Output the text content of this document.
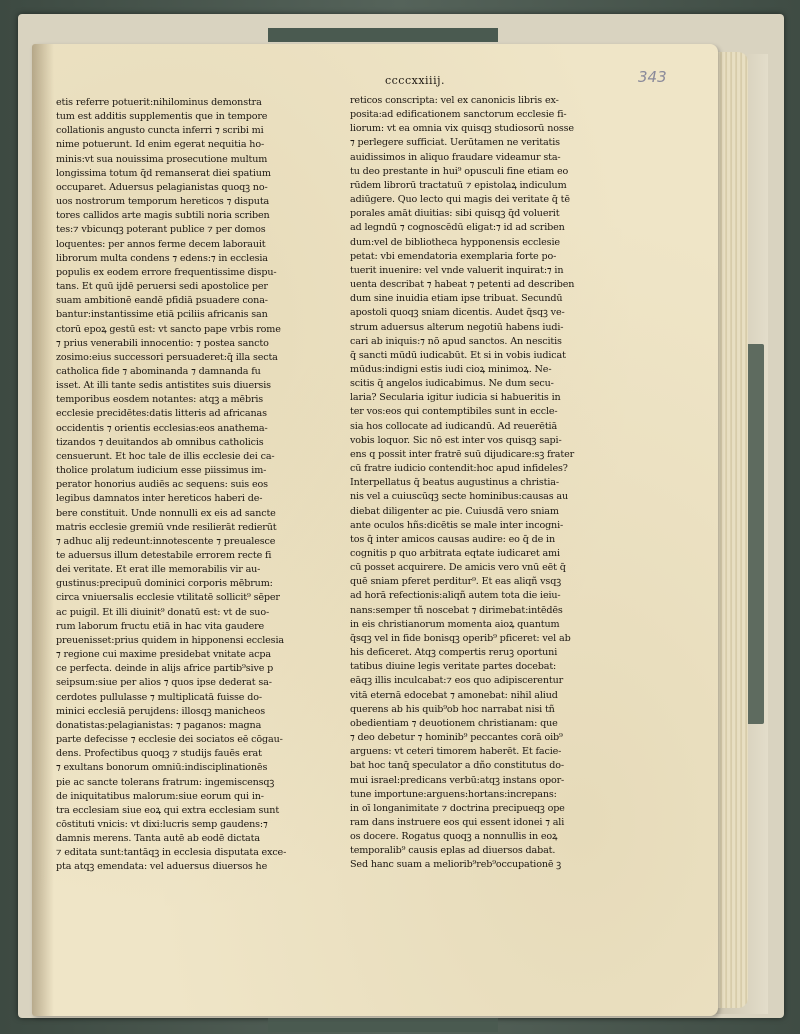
ccccxxiiij.	343

etis referre potuerit:nihilominus demonstra

tum est additis supplementis que in tempore

collationis angusto cuncta inferri ⁊ scribi mi

nime potuerunt. Id enim egerat nequitia ho-

minis:vt sua nouissima prosecutione multum

longissima totum q̄d remanserat diei spatium

occuparet. Aduersus pelagianistas quoqꝫ no-

uos nostrorum temporum hereticos ⁊ disputa

tores callidos arte magis subtili noria scriben

tes:⁊ vbicunqꝫ poterant publice ⁊ per domos

loquentes: per annos ferme decem laborauit

librorum multa condens ⁊ edens:⁊ in ecclesia

populis ex eodem errore frequentissime dispu-

tans. Et quū ijdē peruersi sedi apostolice per

suam ambitionē eandē pfidiā psuadere cona-

bantur:instantissime etiā pciliis africanis san

ctorū epoꝝ gestū est: vt sancto pape vrbis rome

⁊ prius venerabili innocentio: ⁊ postea sancto

zosimo:eius successori persuaderet:q̄ illa secta

catholica fide ⁊ abominanda ⁊ damnanda fu

isset. At illi tante sedis antistites suis diuersis

temporibus eosdem notantes: atqꝫ a mēbris

ecclesie precidētes:datis litteris ad africanas

occidentis ⁊ orientis ecclesias:eos anathema-

tizandos ⁊ deuitandos ab omnibus catholicis

censuerunt. Et hoc tale de illis ecclesie dei ca-

tholice prolatum iudicium esse piissimus im-

perator honorius audiēs ac sequens: suis eos

legibus damnatos inter hereticos haberi de-

bere constituit. Unde nonnulli ex eis ad sancte

matris ecclesie gremiū vnde resilierāt redierūt

⁊ adhuc alij redeunt:innotescente ⁊ preualesce

te aduersus illum detestabile errorem recte fi

dei veritate. Et erat ille memorabilis vir au-

gustinus:precipuū dominici corporis mēbrum:

circa vniuersalis ecclesie vtilitatē sollicit⁹ sēper

ac puigil. Et illi diuinit⁹ donatū est: vt de suo-

rum laborum fructu etiā in hac vita gaudere

preuenisset:prius quidem in hipponensi ecclesia

⁊ regione cui maxime presidebat vnitate acpa

ce perfecta. deinde in alijs africe partib⁹sive p

seipsum:siue per alios ⁊ quos ipse dederat sa-

cerdotes pullulasse ⁊ multiplicatā fuisse do-

minici ecclesiā perujdens: illosqꝫ manicheos

donatistas:pelagianistas: ⁊ paganos: magna

parte defecisse ⁊ ecclesie dei sociatos eē cōgau-

dens. Profectibus quoqꝫ ⁊ studijs fauēs erat

⁊ exultans bonorum omniū:indisciplinationēs

pie ac sancte tolerans fratrum: ingemiscensqꝫ

de iniquitatibus malorum:siue eorum qui in-

tra ecclesiam siue eoꝝ qui extra ecclesiam sunt

cōstituti vnicis: vt dixi:lucris semp gaudens:⁊

damnis merens. Tanta autē ab eodē dictata

⁊ editata sunt:tantāqꝫ in ecclesia disputata exce-

pta atqꝫ emendata: vel aduersus diuersos he

reticos conscripta: vel ex canonicis libris ex-

posita:ad edificationem sanctorum ecclesie fi-

liorum: vt ea omnia vix quisqꝫ studiosorū nosse

⁊ perlegere sufficiat. Uerūtamen ne veritatis

auidissimos in aliquo fraudare videamur sta-

tu deo prestante in hui⁹ opusculi fine etiam eo

rūdem librorū tractatuū ⁊ epistolaꝝ indiculum

adiūgere. Quo lecto qui magis dei veritate q̄ tē

porales amāt diuitias: sibi quisqꝫ q̄d voluerit

ad legndū ⁊ cognoscēdū eligat:⁊ id ad scriben

dum:vel de bibliotheca hypponensis ecclesie

petat: vbi emendatoria exemplaria forte po-

tuerit inuenire: vel vnde valuerit inquirat:⁊ in

uenta describat ⁊ habeat ⁊ petenti ad describen

dum sine inuidia etiam ipse tribuat. Secundū

apostoli quoqꝫ sniam dicentis. Audet q̄sqꝫ ve-

strum aduersus alterum negotiū habens iudi-

cari ab iniquis:⁊ nō apud sanctos. An nescitis

q̄ sancti mūdū iudicabūt. Et si in vobis iudicat

mūdus:indigni estis iudi cioꝝ minimoꝝ. Ne-

scitis q̄ angelos iudicabimus. Ne dum secu-

laria? Secularia igitur iudicia si habueritis in

ter vos:eos qui contemptibiles sunt in eccle-

sia hos collocate ad iudicandū. Ad reuerētiā

vobis loquor. Sic nō est inter vos quisqꝫ sapi-

ens q possit inter fratrē suū dijudicare:sꝫ frater

cū fratre iudicio contendit:hoc apud infideles?

Interpellatus q̄ beatus augustinus a christia-

nis vel a cuiuscūqꝫ secte hominibus:causas au

diebat diligenter ac pie. Cuiusdā vero sniam

ante oculos hñs:dicētis se male inter incogni-

tos q̄ inter amicos causas audire: eo q̄ de in

cognitis p quo arbitrata eqtate iudicaret ami

cū posset acquirere. De amicis vero vnū eēt q̄

quē sniam pferet perditur⁹. Et eas aliqñ vsqꝫ

ad horā refectionis:aliqñ autem tota die ieiu-

nans:semper tñ noscebat ⁊ dirimebat:intēdēs

in eis christianorum momenta aioꝝ quantum

q̄sqꝫ vel in fide bonisqꝫ operib⁹ pficeret: vel ab

his deficeret. Atqꝫ compertis reruꝫ oportuni

tatibus diuine legis veritate partes docebat:

eāqꝫ illis inculcabat:⁊ eos quo adipiscerentur

vitā eternā edocebat ⁊ amonebat: nihil aliud

querens ab his quib⁹ob hoc narrabat nisi tñ

obedientiam ⁊ deuotionem christianam: que

⁊ deo debetur ⁊ hominib⁹ peccantes corā oib⁹

arguens: vt ceteri timorem haberēt. Et facie-

bat hoc tanq̄ speculator a dño constitutus do-

mui israel:predicans verbū:atqꝫ instans opor-

tune importune:arguens:hortans:increpans:

in oī longanimitate ⁊ doctrina precipueqꝫ ope

ram dans instruere eos qui essent idonei ⁊ ali

os docere. Rogatus quoqꝫ a nonnullis in eoꝝ

temporalib⁹ causis eplas ad diuersos dabat.

Sed hanc suam a meliorib⁹reb⁹occupationē ꝫ
